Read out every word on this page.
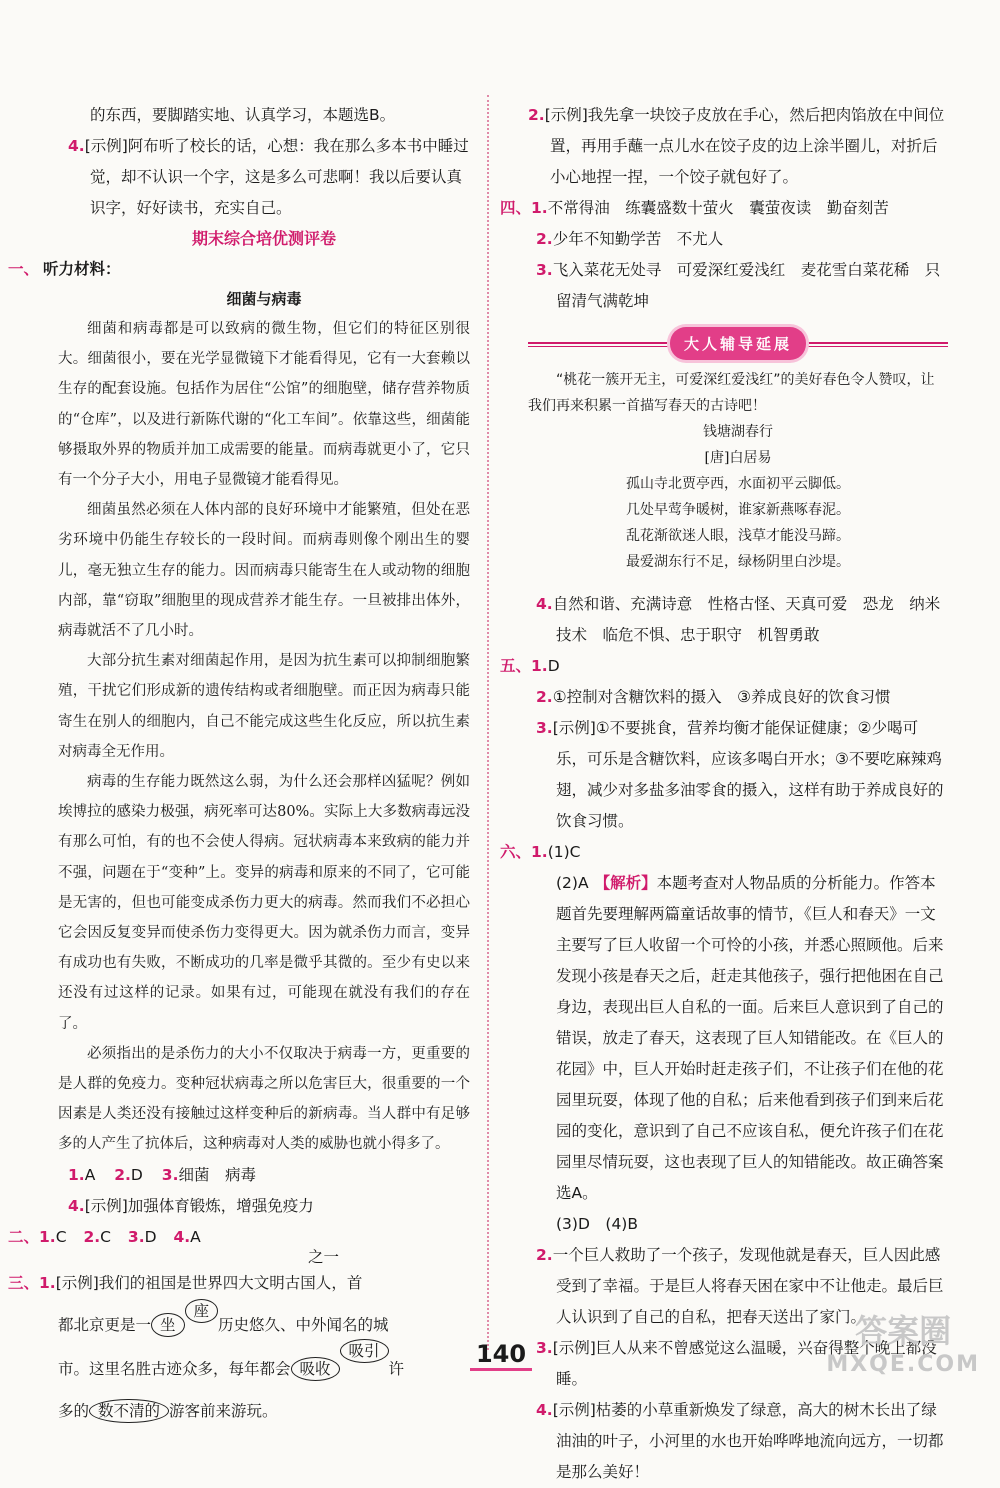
的东西，要脚踏实地、认真学习，本题选B。

4.[示例]阿布听了校长的话，心想：我在那么多本书中睡过觉，却不认识一个字，这是多么可悲啊！我以后要认真识字，好好读书，充实自己。

期末综合培优测评卷

一、 听力材料：

细菌与病毒

细菌和病毒都是可以致病的微生物，但它们的特征区别很大。细菌很小，要在光学显微镜下才能看得见，它有一大套赖以生存的配套设施。包括作为居住“公馆”的细胞壁，储存营养物质的“仓库”，以及进行新陈代谢的“化工车间”。依靠这些，细菌能够摄取外界的物质并加工成需要的能量。而病毒就更小了，它只有一个分子大小，用电子显微镜才能看得见。

细菌虽然必须在人体内部的良好环境中才能繁殖，但处在恶劣环境中仍能生存较长的一段时间。而病毒则像个刚出生的婴儿，毫无独立生存的能力。因而病毒只能寄生在人或动物的细胞内部，靠“窃取”细胞里的现成营养才能生存。一旦被排出体外，病毒就活不了几小时。

大部分抗生素对细菌起作用，是因为抗生素可以抑制细胞繁殖，干扰它们形成新的遗传结构或者细胞壁。而正因为病毒只能寄生在别人的细胞内，自己不能完成这些生化反应，所以抗生素对病毒全无作用。

病毒的生存能力既然这么弱，为什么还会那样凶猛呢？例如埃博拉的感染力极强，病死率可达80%。实际上大多数病毒远没有那么可怕，有的也不会使人得病。冠状病毒本来致病的能力并不强，问题在于“变种”上。变异的病毒和原来的不同了，它可能是无害的，但也可能变成杀伤力更大的病毒。然而我们不必担心它会因反复变异而使杀伤力变得更大。因为就杀伤力而言，变异有成功也有失败，不断成功的几率是微乎其微的。至少有史以来还没有过这样的记录。如果有过，可能现在就没有我们的存在了。

必须指出的是杀伤力的大小不仅取决于病毒一方，更重要的是人群的免疫力。变种冠状病毒之所以危害巨大，很重要的一个因素是人类还没有接触过这样变种后的新病毒。当人群中有足够多的人产生了抗体后，这种病毒对人类的威胁也就小得多了。

1.A 2.D 3.细菌　病毒

4.[示例]加强体育锻炼，增强免疫力

二、1.C 2.C 3.D 4.A

三、1.[示例]我们的祖国是世界四大文明古国
之一
人，首

都北京更是一 坐座历史悠久、中外闻名的城

市。这里名胜古迹众多，每年都会 吸收吸引许

多的 数不清的 游客前来游玩。

2.[示例]我先拿一块饺子皮放在手心，然后把肉馅放在中间位置，再用手蘸一点儿水在饺子皮的边上涂半圈儿，对折后小心地捏一捏，一个饺子就包好了。

四、1.不常得油　练囊盛数十萤火　囊萤夜读　勤奋刻苦

2.少年不知勤学苦　不尤人

3.飞入菜花无处寻　可爱深红爱浅红　麦花雪白菜花稀　只留清气满乾坤

大人辅导延展

“桃花一簇开无主，可爱深红爱浅红”的美好春色令人赞叹，让我们再来积累一首描写春天的古诗吧！

钱塘湖春行

[唐]白居易

孤山寺北贾亭西，水面初平云脚低。

几处早莺争暖树，谁家新燕啄春泥。

乱花渐欲迷人眼，浅草才能没马蹄。

最爱湖东行不足，绿杨阴里白沙堤。

4.自然和谐、充满诗意　性格古怪、天真可爱　恐龙　纳米技术　临危不惧、忠于职守　机智勇敢

五、1.D

2.①控制对含糖饮料的摄入　③养成良好的饮食习惯

3.[示例]①不要挑食，营养均衡才能保证健康；②少喝可乐，可乐是含糖饮料，应该多喝白开水；③不要吃麻辣鸡翅，减少对多盐多油零食的摄入，这样有助于养成良好的饮食习惯。

六、1.(1)C

(2)A 【解析】本题考查对人物品质的分析能力。作答本题首先要理解两篇童话故事的情节，《巨人和春天》一文主要写了巨人收留一个可怜的小孩，并悉心照顾他。后来发现小孩是春天之后，赶走其他孩子，强行把他困在自己身边，表现出巨人自私的一面。后来巨人意识到了自己的错误，放走了春天，这表现了巨人知错能改。在《巨人的花园》中，巨人开始时赶走孩子们，不让孩子们在他的花园里玩耍，体现了他的自私；后来他看到孩子们到来后花园的变化，意识到了自己不应该自私，便允许孩子们在花园里尽情玩耍，这也表现了巨人的知错能改。故正确答案选A。

(3)D　(4)B

2.一个巨人救助了一个孩子，发现他就是春天，巨人因此感受到了幸福。于是巨人将春天困在家中不让他走。最后巨人认识到了自己的自私，把春天送出了家门。

3.[示例]巨人从来不曾感觉这么温暖，兴奋得整个晚上都没睡。

4.[示例]枯萎的小草重新焕发了绿意，高大的树木长出了绿油油的叶子，小河里的水也开始哗哗地流向远方，一切都是那么美好！

140
答案圈
MXQE.COM
